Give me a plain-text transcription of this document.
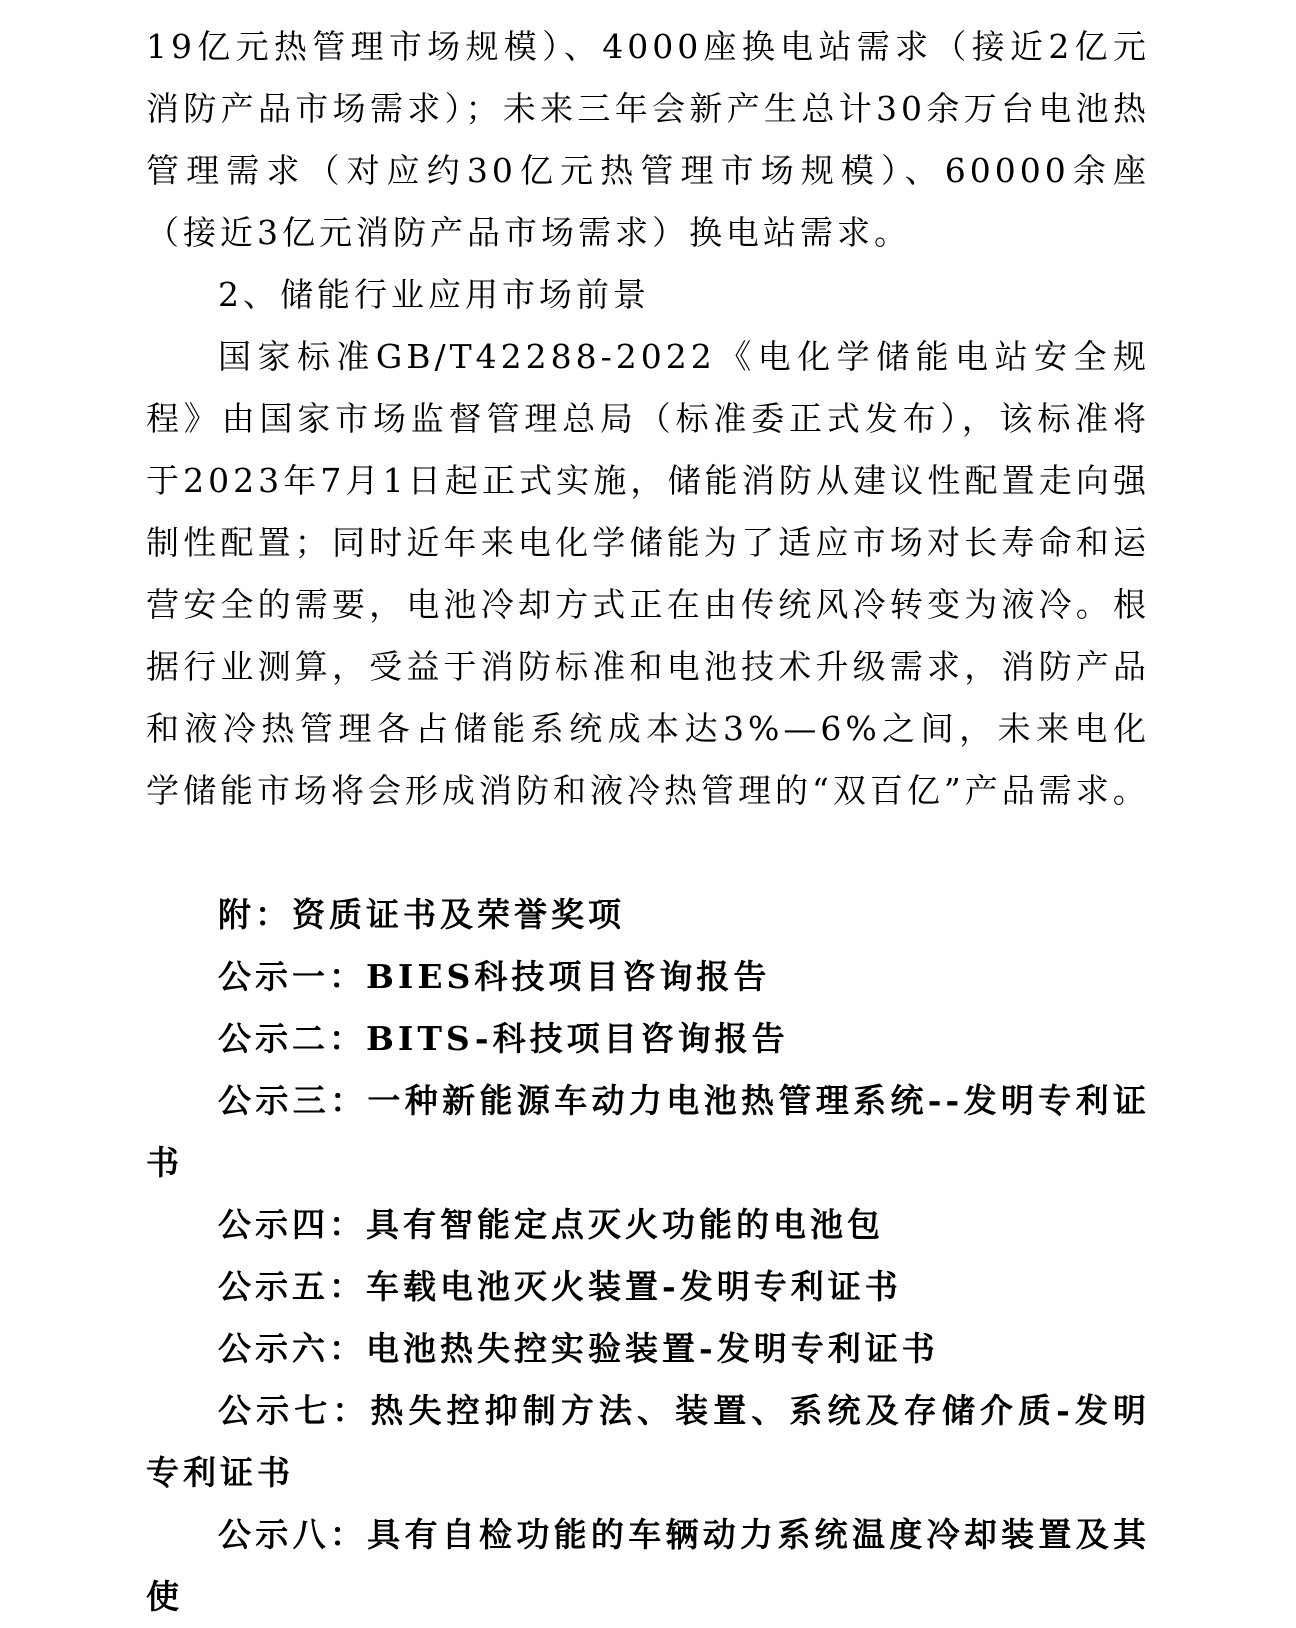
19亿元热管理市场规模）、4000座换电站需求（接近2亿元消防产品市场需求）；未来三年会新产生总计30余万台电池热管理需求（对应约30亿元热管理市场规模）、60000余座（接近3亿元消防产品市场需求）换电站需求。

2、储能行业应用市场前景

国家标准GB/T42288-2022《电化学储能电站安全规程》由国家市场监督管理总局（标准委正式发布），该标准将于2023年7月1日起正式实施，储能消防从建议性配置走向强制性配置；同时近年来电化学储能为了适应市场对长寿命和运营安全的需要，电池冷却方式正在由传统风冷转变为液冷。根据行业测算，受益于消防标准和电池技术升级需求，消防产品和液冷热管理各占储能系统成本达3%—6%之间，未来电化学储能市场将会形成消防和液冷热管理的“双百亿”产品需求。

附：资质证书及荣誉奖项

公示一：BIES科技项目咨询报告

公示二：BITS-科技项目咨询报告

公示三：一种新能源车动力电池热管理系统--发明专利证书

公示四：具有智能定点灭火功能的电池包

公示五：车载电池灭火装置-发明专利证书

公示六：电池热失控实验装置-发明专利证书

公示七：热失控抑制方法、装置、系统及存储介质-发明专利证书

公示八：具有自检功能的车辆动力系统温度冷却装置及其使
